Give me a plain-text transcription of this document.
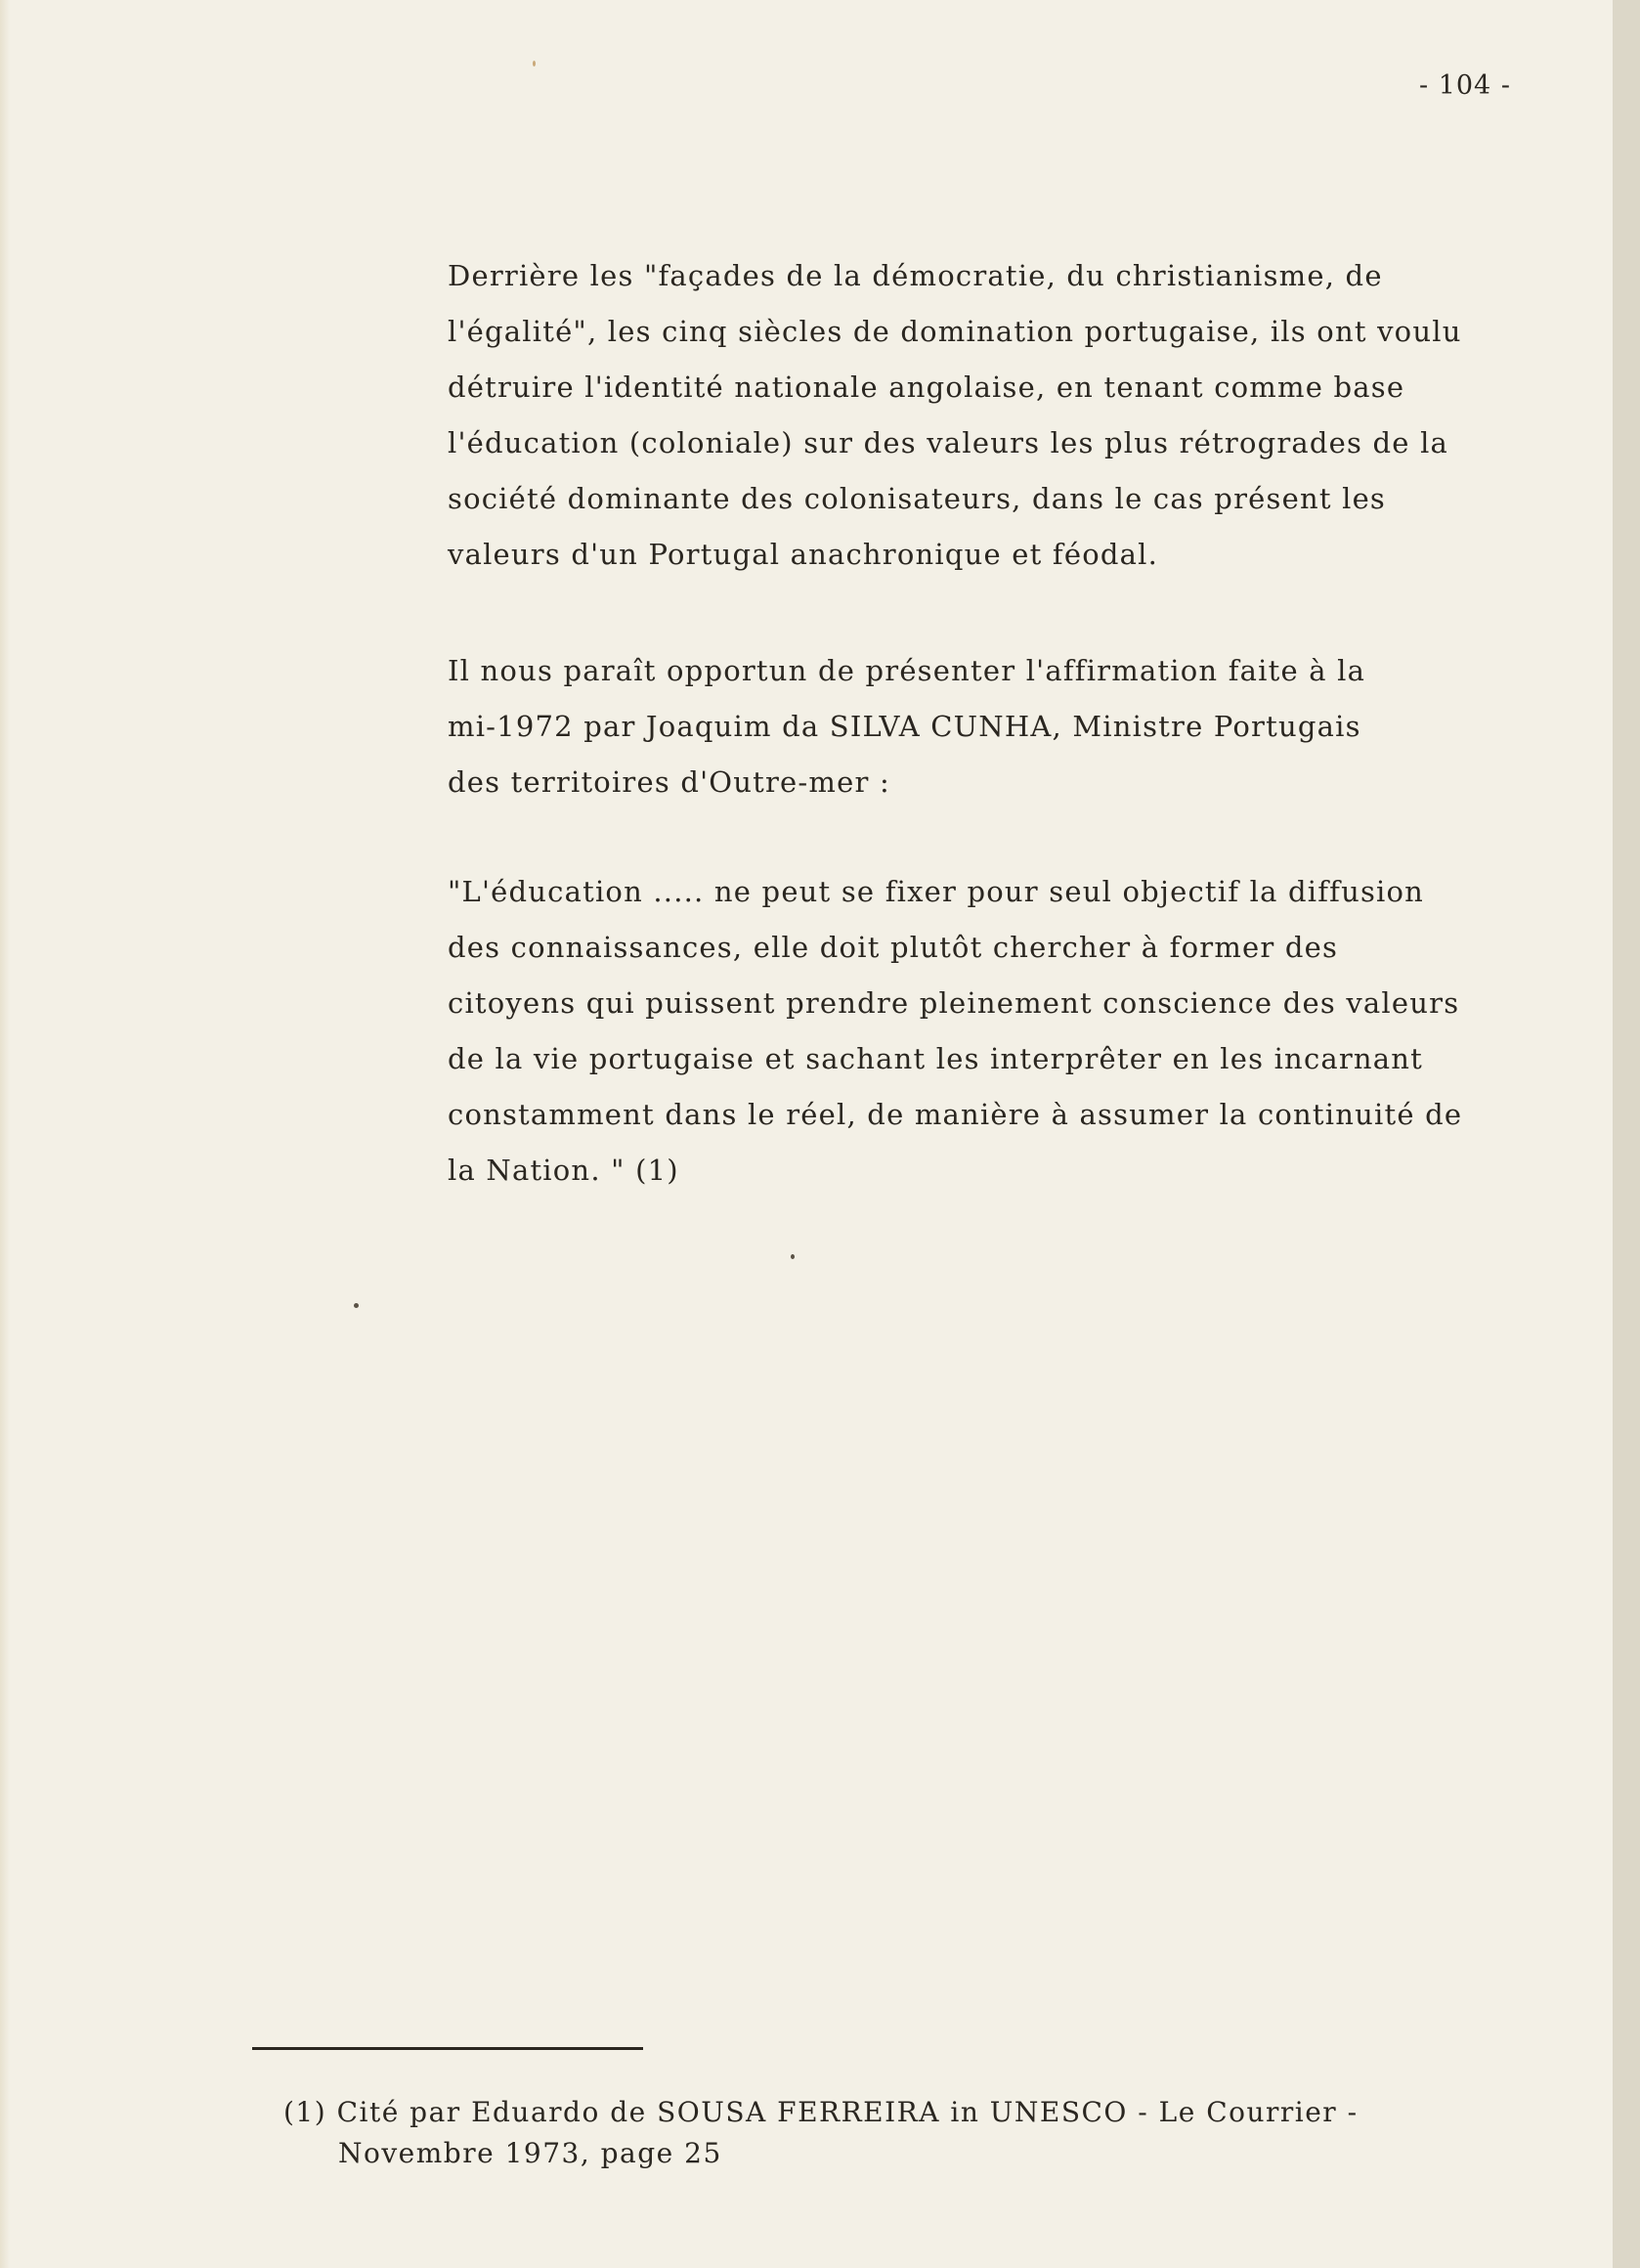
- 104 -

Derrière les "façades de la démocratie, du christianisme, de
l'égalité", les cinq siècles de domination portugaise, ils ont voulu
détruire l'identité nationale angolaise, en tenant comme base
l'éducation (coloniale) sur des valeurs les plus rétrogrades de la
société dominante des colonisateurs, dans le cas présent les
valeurs d'un Portugal anachronique et féodal.

Il nous paraît opportun de présenter l'affirmation faite à la
mi-1972 par Joaquim da SILVA CUNHA, Ministre Portugais
des territoires d'Outre-mer :

"L'éducation ..... ne peut se fixer pour seul objectif la diffusion
des connaissances, elle doit plutôt chercher à former des
citoyens qui puissent prendre pleinement conscience des valeurs
de la vie portugaise et sachant les interprêter en les incarnant
constamment dans le réel, de manière à assumer la continuité de
la Nation. " (1)

(1) Cité par Eduardo de SOUSA FERREIRA in UNESCO - Le Courrier -
Novembre 1973, page 25
